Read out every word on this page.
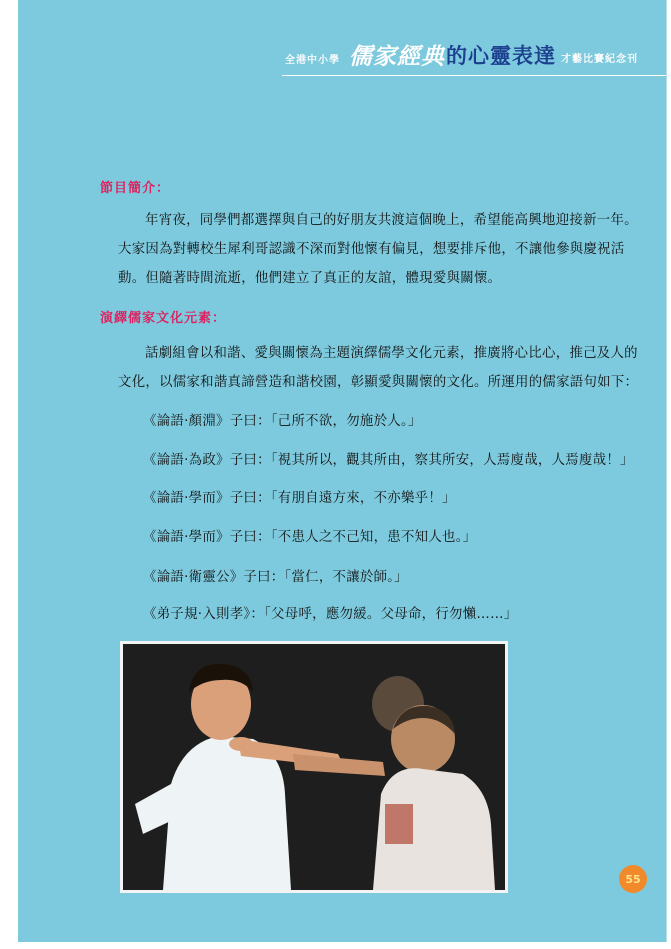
全港中小學 儒家經典 的心靈表達 才藝比賽紀念刊
節目簡介：
年宵夜，同學們都選擇與自己的好朋友共渡這個晚上，希望能高興地迎接新一年。大家因為對轉校生犀利哥認識不深而對他懷有偏見，想要排斥他，不讓他參與慶祝活動。但隨著時間流逝，他們建立了真正的友誼，體現愛與關懷。
演繹儒家文化元素：
話劇組會以和諧、愛與關懷為主題演繹儒學文化元素，推廣將心比心，推己及人的文化，以儒家和諧真諦營造和諧校園，彰顯愛與關懷的文化。所運用的儒家語句如下：
《論語‧顏淵》子曰：「己所不欲，勿施於人。」
《論語‧為政》子曰：「視其所以，觀其所由，察其所安，人焉廋哉，人焉廋哉！」
《論語‧學而》子曰：「有朋自遠方來，不亦樂乎！」
《論語‧學而》子曰：「不患人之不己知，患不知人也。」
《論語‧衛靈公》子曰：「當仁，不讓於師。」
《弟子規‧入則孝》：「父母呼，應勿緩。父母命，行勿懶……」
55
